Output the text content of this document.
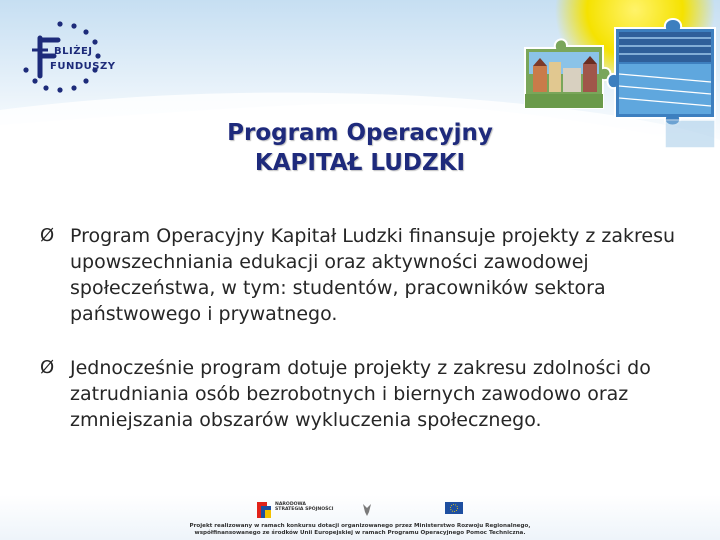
BLIŻEJ
FUNDUSZY
Program Operacyjny
KAPITAŁ LUDZKI
Ø Program Operacyjny Kapitał Ludzki finansuje projekty z zakresu upowszechniania edukacji oraz aktywności zawodowej społeczeństwa, w tym: studentów, pracowników sektora państwowego i prywatnego.
Ø Jednocześnie program dotuje projekty z zakresu zdolności do zatrudniania osób bezrobotnych i biernych zawodowo oraz zmniejszania obszarów wykluczenia społecznego.
NARODOWA STRATEGIA SPÓJNOŚCI
Projekt realizowany w ramach konkursu dotacji organizowanego przez Ministerstwo Rozwoju Regionalnego,
współfinansowanego ze środków Unii Europejskiej w ramach Programu Operacyjnego Pomoc Techniczna.
